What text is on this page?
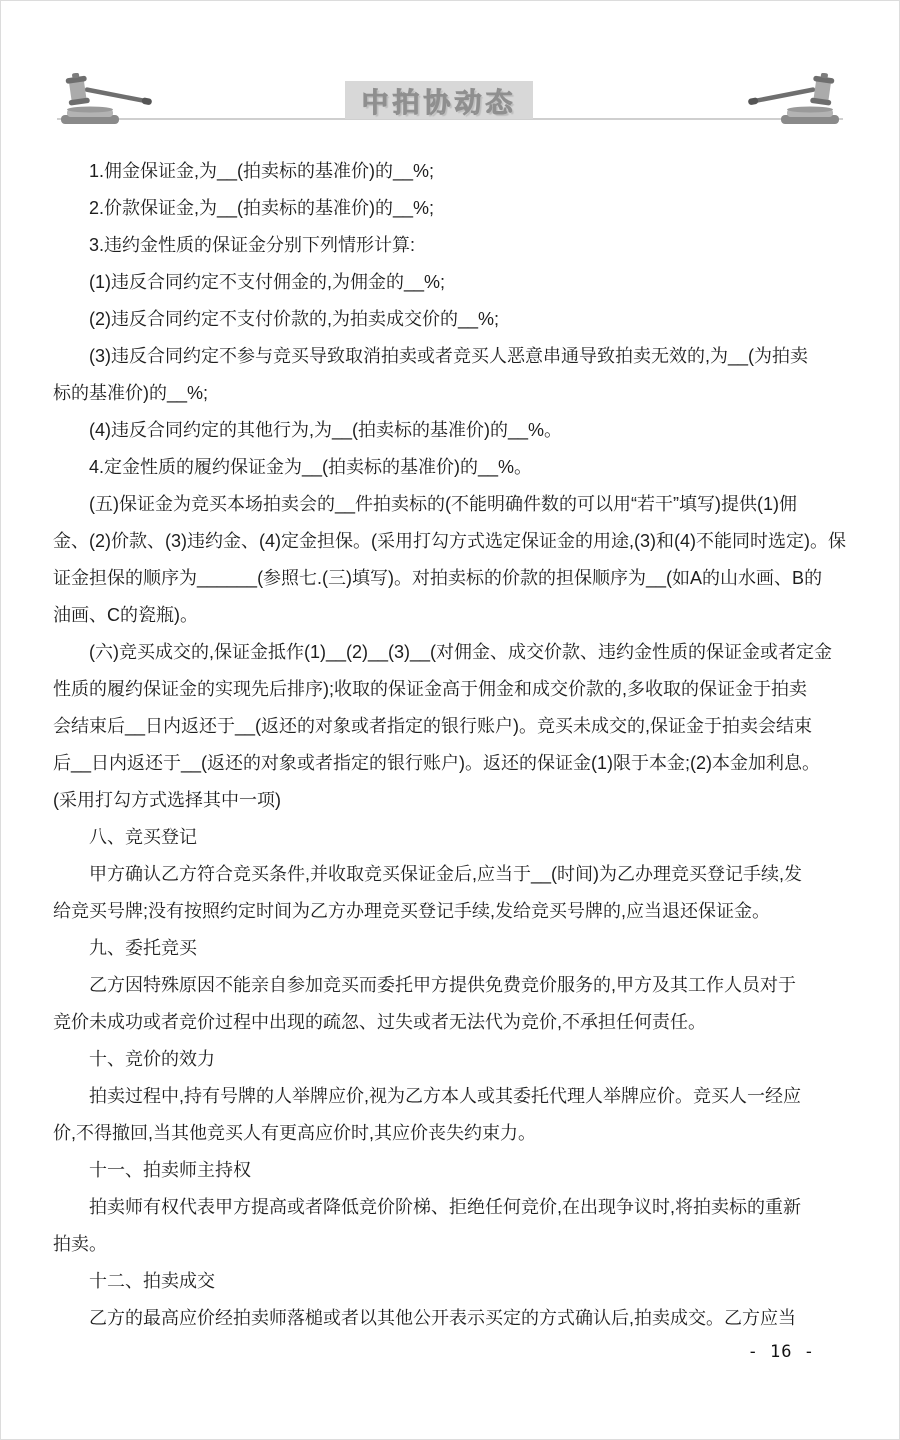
中拍协动态
1.佣金保证金,为__(拍卖标的基准价)的__%;
2.价款保证金,为__(拍卖标的基准价)的__%;
3.违约金性质的保证金分别下列情形计算:
(1)违反合同约定不支付佣金的,为佣金的__%;
(2)违反合同约定不支付价款的,为拍卖成交价的__%;
(3)违反合同约定不参与竞买导致取消拍卖或者竞买人恶意串通导致拍卖无效的,为__(为拍卖
标的基准价)的__%;
(4)违反合同约定的其他行为,为__(拍卖标的基准价)的__%。
4.定金性质的履约保证金为__(拍卖标的基准价)的__%。
(五)保证金为竞买本场拍卖会的__件拍卖标的(不能明确件数的可以用“若干”填写)提供(1)佣
金、(2)价款、(3)违约金、(4)定金担保。(采用打勾方式选定保证金的用途,(3)和(4)不能同时选定)。保
证金担保的顺序为______(参照七.(三)填写)。对拍卖标的价款的担保顺序为__(如A的山水画、B的
油画、C的瓷瓶)。
(六)竞买成交的,保证金抵作(1)__(2)__(3)__(对佣金、成交价款、违约金性质的保证金或者定金
性质的履约保证金的实现先后排序);收取的保证金高于佣金和成交价款的,多收取的保证金于拍卖
会结束后__日内返还于__(返还的对象或者指定的银行账户)。竞买未成交的,保证金于拍卖会结束
后__日内返还于__(返还的对象或者指定的银行账户)。返还的保证金(1)限于本金;(2)本金加利息。
(采用打勾方式选择其中一项)
八、竞买登记
甲方确认乙方符合竞买条件,并收取竞买保证金后,应当于__(时间)为乙办理竞买登记手续,发
给竞买号牌;没有按照约定时间为乙方办理竞买登记手续,发给竞买号牌的,应当退还保证金。
九、委托竞买
乙方因特殊原因不能亲自参加竞买而委托甲方提供免费竞价服务的,甲方及其工作人员对于
竞价未成功或者竞价过程中出现的疏忽、过失或者无法代为竞价,不承担任何责任。
十、竞价的效力
拍卖过程中,持有号牌的人举牌应价,视为乙方本人或其委托代理人举牌应价。竞买人一经应
价,不得撤回,当其他竞买人有更高应价时,其应价丧失约束力。
十一、拍卖师主持权
拍卖师有权代表甲方提高或者降低竞价阶梯、拒绝任何竞价,在出现争议时,将拍卖标的重新
拍卖。
十二、拍卖成交
乙方的最高应价经拍卖师落槌或者以其他公开表示买定的方式确认后,拍卖成交。乙方应当
- 16 -
